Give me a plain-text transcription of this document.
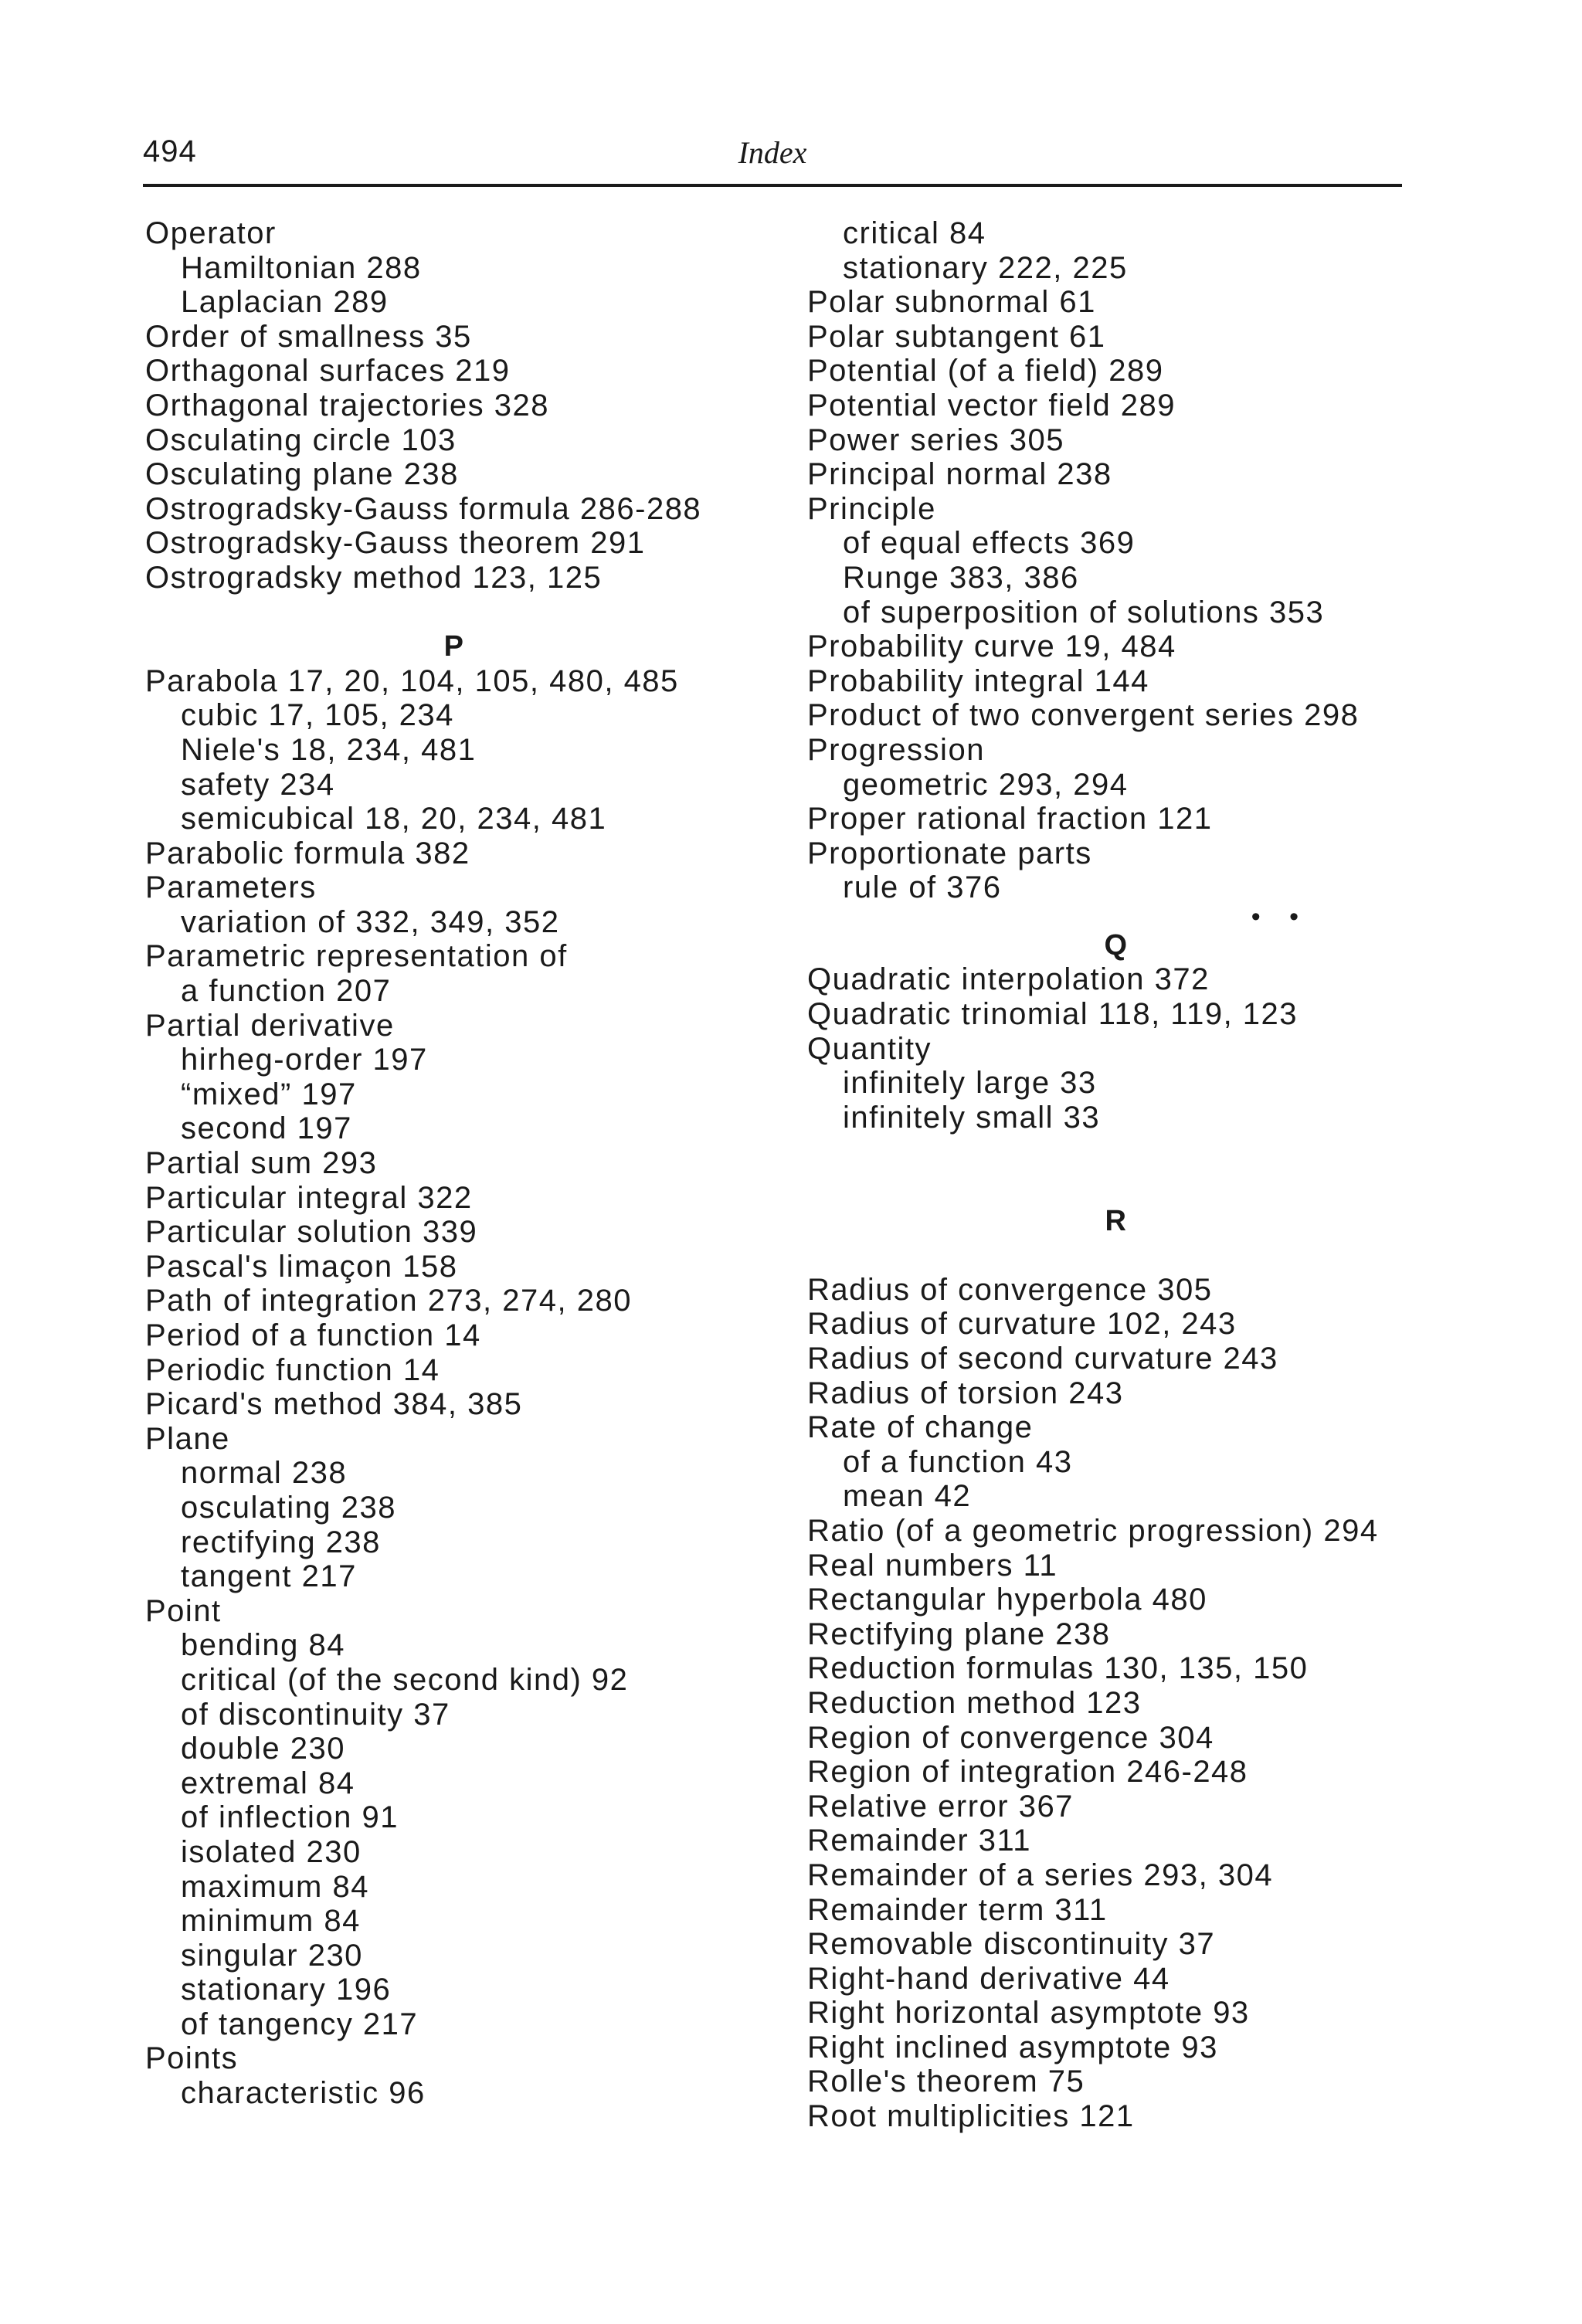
494	Index
Operator
Hamiltonian 288
Laplacian 289
Order of smallness 35
Orthagonal surfaces 219
Orthagonal trajectories 328
Osculating circle 103
Osculating plane 238
Ostrogradsky-Gauss formula 286-288
Ostrogradsky-Gauss theorem 291
Ostrogradsky method 123, 125
P
Parabola 17, 20, 104, 105, 480, 485
cubic 17, 105, 234
Niele's 18, 234, 481
safety 234
semicubical 18, 20, 234, 481
Parabolic formula 382
Parameters
variation of 332, 349, 352
Parametric representation of
a function 207
Partial derivative
hirheg-order 197
“mixed” 197
second 197
Partial sum 293
Particular integral 322
Particular solution 339
Pascal's limaçon 158
Path of integration 273, 274, 280
Period of a function 14
Periodic function 14
Picard's method 384, 385
Plane
normal 238
osculating 238
rectifying 238
tangent 217
Point
bending 84
critical (of the second kind) 92
of discontinuity 37
double 230
extremal 84
of inflection 91
isolated 230
maximum 84
minimum 84
singular 230
stationary 196
of tangency 217
Points
characteristic 96
critical 84
stationary 222, 225
Polar subnormal 61
Polar subtangent 61
Potential (of a field) 289
Potential vector field 289
Power series 305
Principal normal 238
Principle
of equal effects 369
Runge 383, 386
of superposition of solutions 353
Probability curve 19, 484
Probability integral 144
Product of two convergent series 298
Progression
geometric 293, 294
Proper rational fraction 121
Proportionate parts
rule of 376
• •
Q
Quadratic interpolation 372
Quadratic trinomial 118, 119, 123
Quantity
infinitely large 33
infinitely small 33
R
Radius of convergence 305
Radius of curvature 102, 243
Radius of second curvature 243
Radius of torsion 243
Rate of change
of a function 43
mean 42
Ratio (of a geometric progression) 294
Real numbers 11
Rectangular hyperbola 480
Rectifying plane 238
Reduction formulas 130, 135, 150
Reduction method 123
Region of convergence 304
Region of integration 246-248
Relative error 367
Remainder 311
Remainder of a series 293, 304
Remainder term 311
Removable discontinuity 37
Right-hand derivative 44
Right horizontal asymptote 93
Right inclined asymptote 93
Rolle's theorem 75
Root multiplicities 121
